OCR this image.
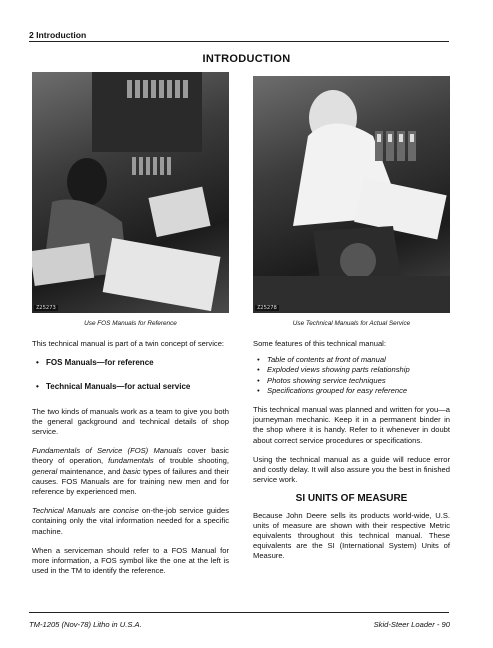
2 Introduction
INTRODUCTION
Z25273	Z25278
Use FOS Manuals for Reference	Use Technical Manuals for Actual Service

This technical manual is part of a twin concept of service:

• FOS Manuals—for reference
• Technical Manuals—for actual service

The two kinds of manuals work as a team to give you both the general gackground and technical details of shop service.

Fundamentals of Service (FOS) Manuals cover basic theory of operation, fundamentals of trouble shooting, general maintenance, and basic types of failures and their causes. FOS Manuals are for training new men and for reference by experienced men.

Technical Manuals are concise on-the-job service guides containing only the vital information needed for a specific machine.

When a serviceman should refer to a FOS Manual for more information, a FOS symbol like the one at the left is used in the TM to identify the reference.

Some features of this technical manual:

• Table of contents at front of manual
• Exploded views showing parts relationship
• Photos showing service techniques
• Specifications grouped for easy reference

This technical manual was planned and written for you—a journeyman mechanic. Keep it in a permanent binder in the shop where it is handy. Refer to it whenever in doubt about correct service procedures or specifications.

Using the technical manual as a guide will reduce error and costly delay. It will also assure you the best in finished service work.

SI UNITS OF MEASURE

Because John Deere sells its products world-wide, U.S. units of measure are shown with their respective Metric equivalents throughout this technical manual. These equivalents are the SI (International System) Units of Measure.

TM-1205 (Nov-78) Litho in U.S.A.	Skid-Steer Loader - 90
